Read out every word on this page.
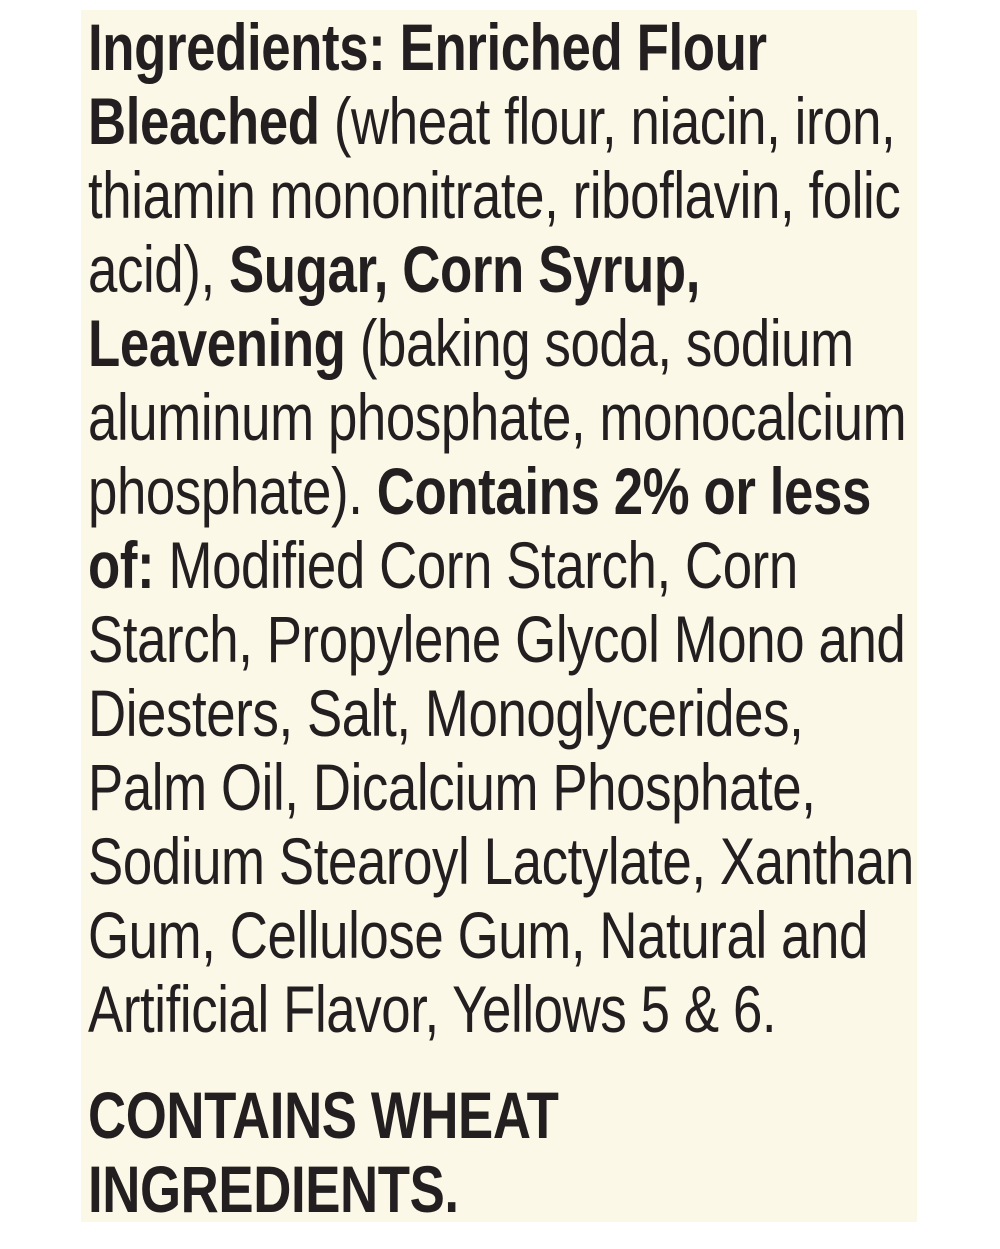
Ingredients: Enriched Flour
Bleached (wheat flour, niacin, iron,
thiamin mononitrate, riboflavin, folic
acid), Sugar, Corn Syrup,
Leavening (baking soda, sodium
aluminum phosphate, monocalcium
phosphate). Contains 2% or less
of: Modified Corn Starch, Corn
Starch, Propylene Glycol Mono and
Diesters, Salt, Monoglycerides,
Palm Oil, Dicalcium Phosphate,
Sodium Stearoyl Lactylate, Xanthan
Gum, Cellulose Gum, Natural and
Artificial Flavor, Yellows 5 & 6.
CONTAINS WHEAT
INGREDIENTS.
